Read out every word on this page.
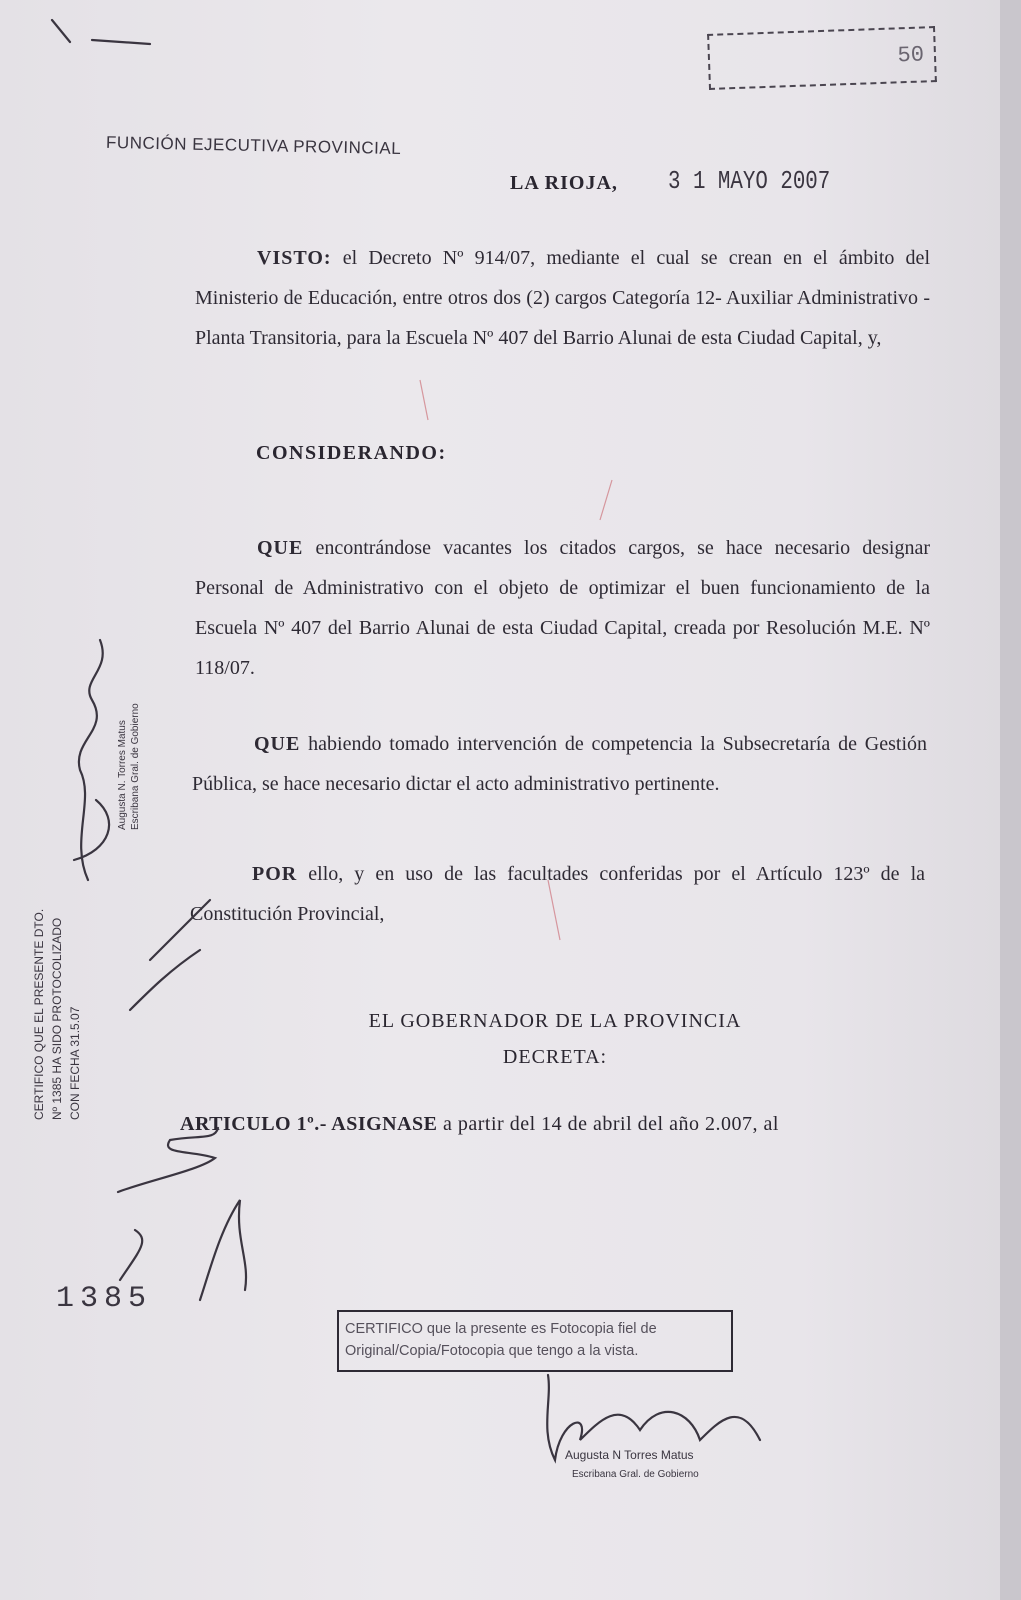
50
FUNCIÓN EJECUTIVA PROVINCIAL
LA RIOJA, 3 1 MAYO 2007
VISTO: el Decreto Nº 914/07, mediante el cual se crean en el ámbito del Ministerio de Educación, entre otros dos (2) cargos Categoría 12- Auxiliar Administrativo - Planta Transitoria, para la Escuela Nº 407 del Barrio Alunai de esta Ciudad Capital, y,
CONSIDERANDO:
QUE encontrándose vacantes los citados cargos, se hace necesario designar Personal de Administrativo con el objeto de optimizar el buen funcionamiento de la Escuela Nº 407 del Barrio Alunai de esta Ciudad Capital, creada por Resolución M.E. Nº 118/07.
QUE habiendo tomado intervención de competencia la Subsecretaría de Gestión Pública, se hace necesario dictar el acto administrativo pertinente.
POR ello, y en uso de las facultades conferidas por el Artículo 123º de la Constitución Provincial,
EL GOBERNADOR DE LA PROVINCIA
DECRETA:
ARTICULO 1º.- ASIGNASE a partir del 14 de abril del año 2.007, al
1385
CERTIFICO QUE EL PRESENTE DTO. Nº 1385 HA SIDO PROTOCOLIZADO CON FECHA 31.5.07
Augusta N. Torres Matus Escribana Gral. de Gobierno
CERTIFICO que la presente es Fotocopia fiel de
Original/Copia/Fotocopia que tengo a la vista.
Augusta N Torres Matus
Escribana Gral. de Gobierno
